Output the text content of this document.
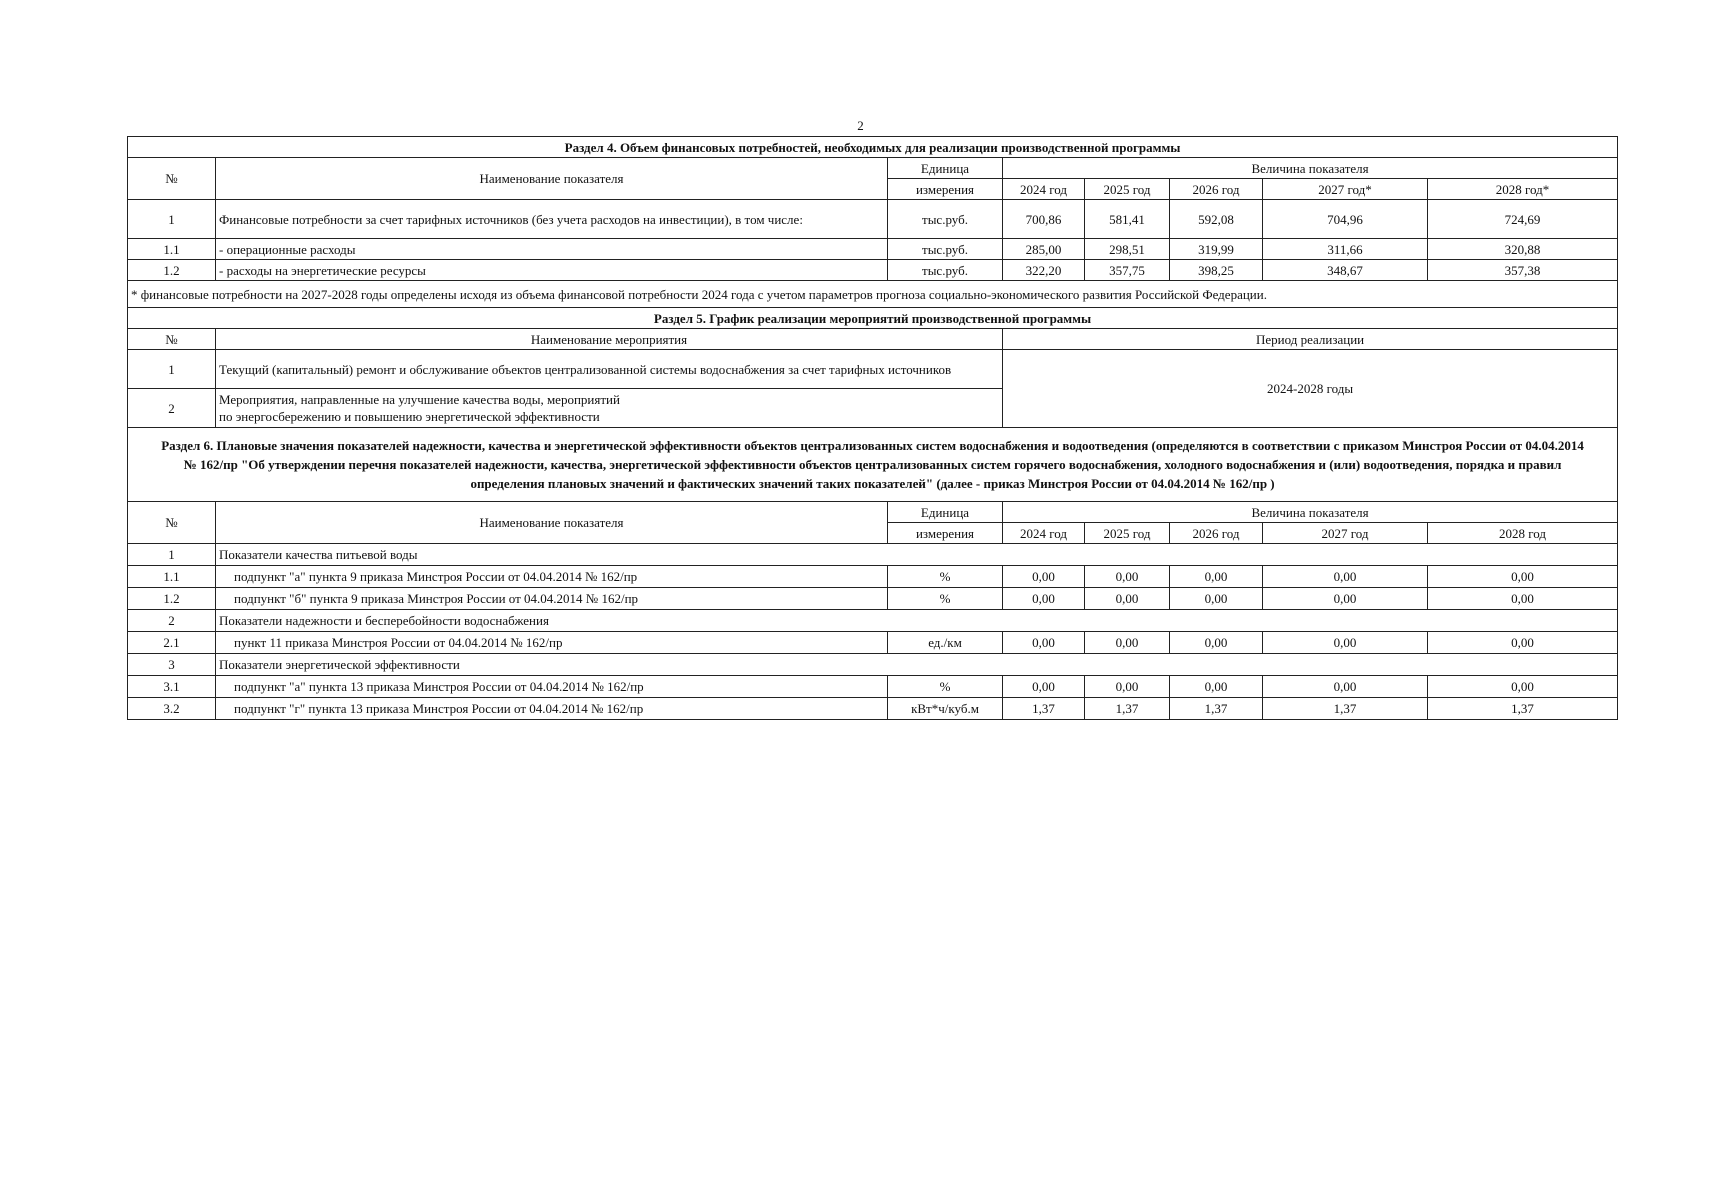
2
Раздел 4. Объем финансовых потребностей, необходимых для реализации производственной программы							
№	Наименование показателя	Единица	Величина показателя				
		измерения	2024 год	2025 год	2026 год	2027 год*	2028 год*
1	Финансовые потребности за счет тарифных источников (без учета расходов на инвестиции), в том числе:	тыс.руб.	700,86	581,41	592,08	704,96	724,69
1.1	- операционные расходы	тыс.руб.	285,00	298,51	319,99	311,66	320,88
1.2	- расходы на энергетические ресурсы	тыс.руб.	322,20	357,75	398,25	348,67	357,38
* финансовые потребности на 2027-2028 годы определены исходя из объема финансовой потребности 2024 года с учетом параметров прогноза социально-экономического развития Российской Федерации.							
Раздел 5. График реализации мероприятий производственной программы							
№	Наименование мероприятия		Период реализации				
1	Текущий (капитальный) ремонт и обслуживание объектов централизованной системы водоснабжения за счет тарифных источников		2024-2028 годы				
2	Мероприятия, направленные на улучшение качества воды, мероприятий
по энергосбережению и повышению энергетической эффективности						

Раздел 6. Плановые значения показателей надежности, качества и энергетической эффективности объектов централизованных систем водоснабжения и водоотведения (определяются в соответствии с приказом Минстроя России от 04.04.2014 № 162/пр "Об утверждении перечня показателей надежности, качества, энергетической эффективности объектов централизованных систем горячего водоснабжения, холодного водоснабжения и (или) водоотведения, порядка и правил определения плановых значений и фактических значений таких показателей" (далее - приказ Минстроя России от 04.04.2014 № 162/пр )							
№	Наименование показателя	Единица	Величина показателя				
		измерения	2024 год	2025 год	2026 год	2027 год	2028 год
1	Показатели качества питьевой воды						
1.1	подпункт "а" пункта 9 приказа Минстроя России от 04.04.2014 № 162/пр	%	0,00	0,00	0,00	0,00	0,00
1.2	подпункт "б" пункта 9 приказа Минстроя России от 04.04.2014 № 162/пр	%	0,00	0,00	0,00	0,00	0,00
2	Показатели надежности и бесперебойности водоснабжения						
2.1	пункт 11 приказа Минстроя России от 04.04.2014 № 162/пр	ед./км	0,00	0,00	0,00	0,00	0,00
3	Показатели энергетической эффективности						
3.1	подпункт "а" пункта 13 приказа Минстроя России от 04.04.2014 № 162/пр	%	0,00	0,00	0,00	0,00	0,00
3.2	подпункт "г" пункта 13 приказа Минстроя России от 04.04.2014 № 162/пр	кВт*ч/куб.м	1,37	1,37	1,37	1,37	1,37
